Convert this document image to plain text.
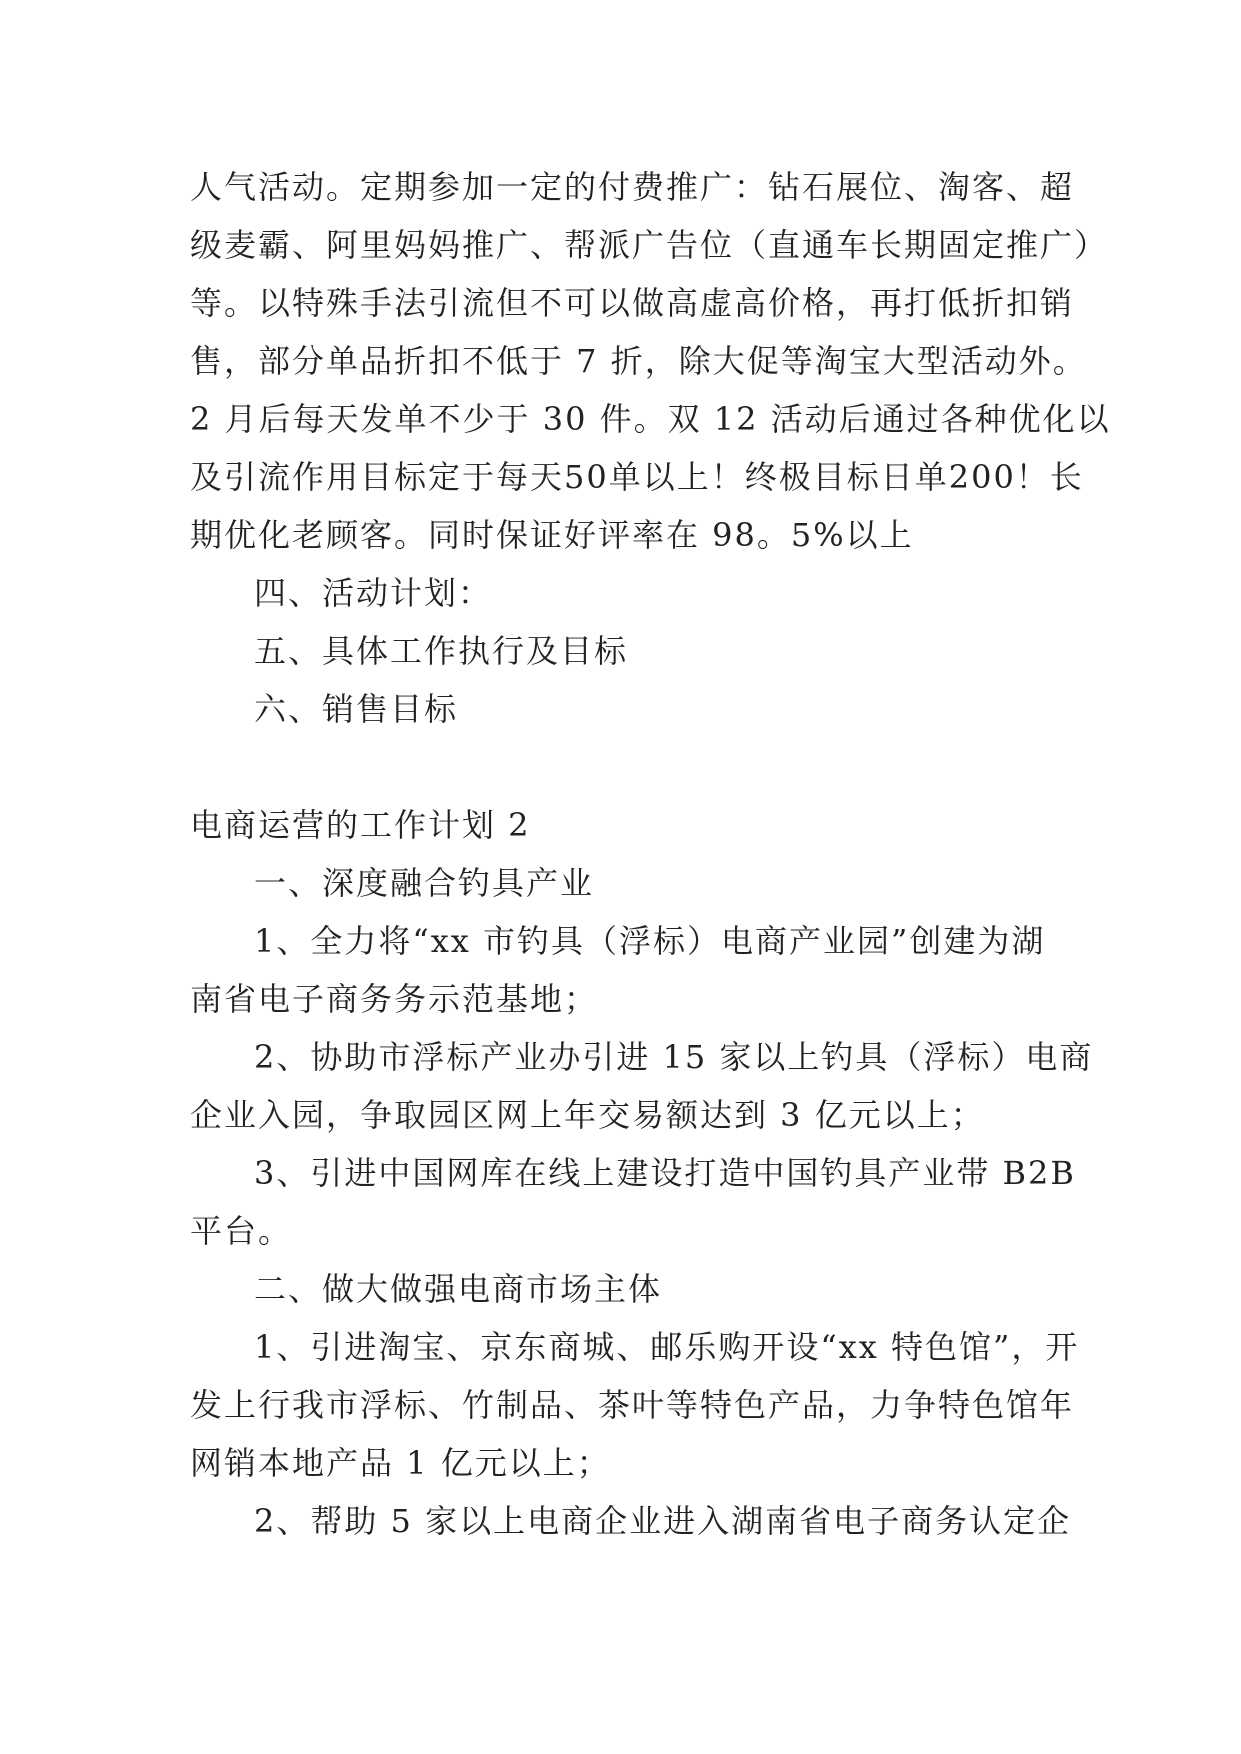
人气活动。定期参加一定的付费推广：钻石展位、淘客、超
级麦霸、阿里妈妈推广、帮派广告位（直通车长期固定推广）
等。以特殊手法引流但不可以做高虚高价格，再打低折扣销
售，部分单品折扣不低于 7 折，除大促等淘宝大型活动外。
2 月后每天发单不少于 30 件。双 12 活动后通过各种优化以
及引流作用目标定于每天50单以上！终极目标日单200！长
期优化老顾客。同时保证好评率在 98。5%以上
四、活动计划：
五、具体工作执行及目标
六、销售目标
电商运营的工作计划 2
一、深度融合钓具产业
1、全力将“xx 市钓具（浮标）电商产业园”创建为湖
南省电子商务务示范基地；
2、协助市浮标产业办引进 15 家以上钓具（浮标）电商
企业入园，争取园区网上年交易额达到 3 亿元以上；
3、引进中国网库在线上建设打造中国钓具产业带 B2B
平台。
二、做大做强电商市场主体
1、引进淘宝、京东商城、邮乐购开设“xx 特色馆”，开
发上行我市浮标、竹制品、茶叶等特色产品，力争特色馆年
网销本地产品 1 亿元以上；
2、帮助 5 家以上电商企业进入湖南省电子商务认定企
